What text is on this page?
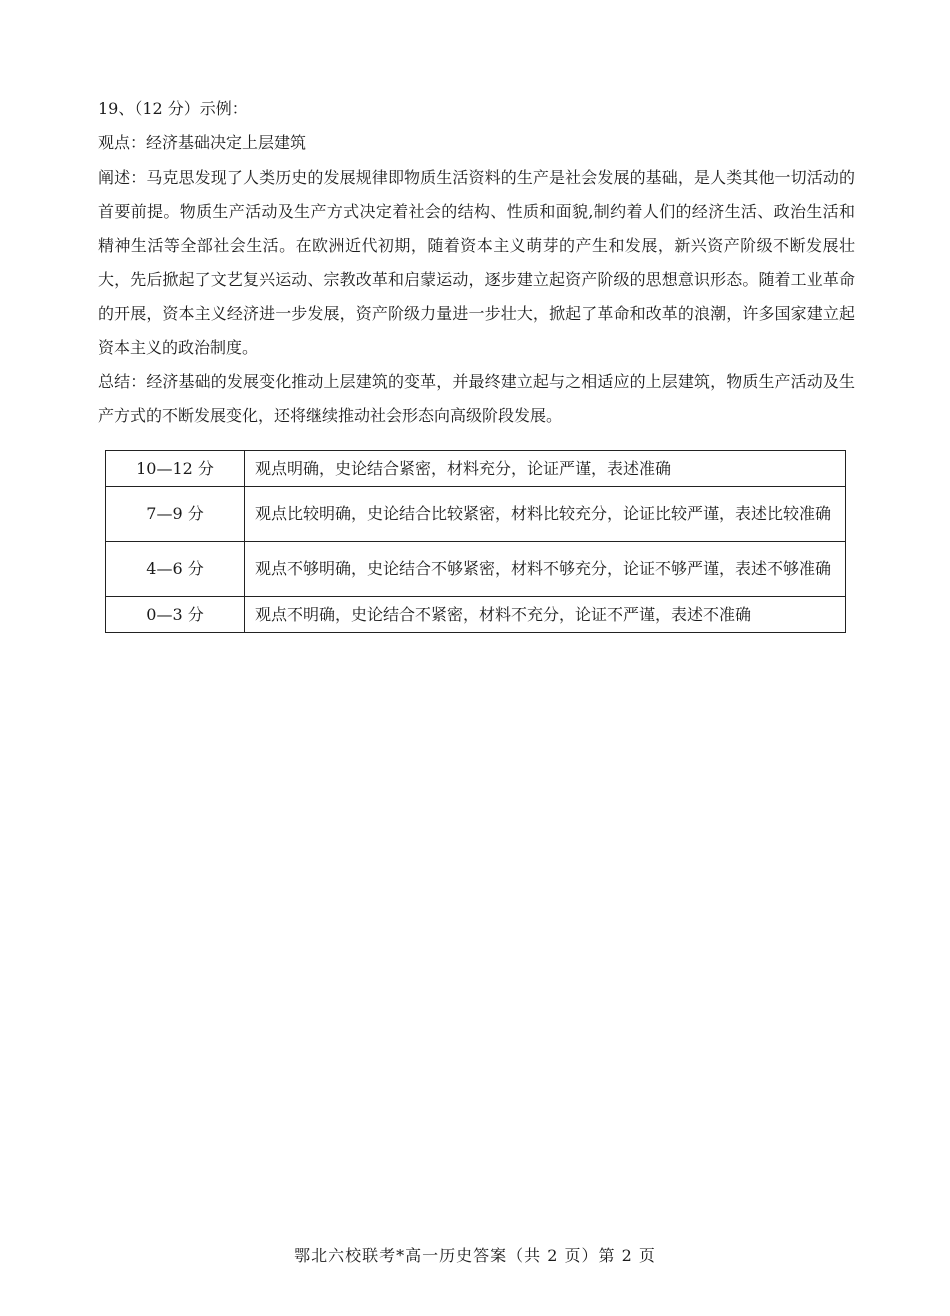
19、（12 分）示例：
观点：经济基础决定上层建筑

阐述：马克思发现了人类历史的发展规律即物质生活资料的生产是社会发展的基础，是人类其他一切活动的首要前提。物质生产活动及生产方式决定着社会的结构、性质和面貌,制约着人们的经济生活、政治生活和精神生活等全部社会生活。在欧洲近代初期，随着资本主义萌芽的产生和发展，新兴资产阶级不断发展壮大，先后掀起了文艺复兴运动、宗教改革和启蒙运动，逐步建立起资产阶级的思想意识形态。随着工业革命的开展，资本主义经济进一步发展，资产阶级力量进一步壮大，掀起了革命和改革的浪潮，许多国家建立起资本主义的政治制度。

总结：经济基础的发展变化推动上层建筑的变革，并最终建立起与之相适应的上层建筑，物质生产活动及生产方式的不断发展变化，还将继续推动社会形态向高级阶段发展。

10—12 分	观点明确，史论结合紧密，材料充分，论证严谨，表述准确
7—9 分	观点比较明确，史论结合比较紧密，材料比较充分，论证比较严谨，表述比较准确
4—6 分	观点不够明确，史论结合不够紧密，材料不够充分，论证不够严谨，表述不够准确
0—3 分	观点不明确，史论结合不紧密，材料不充分，论证不严谨，表述不准确
鄂北六校联考*高一历史答案（共 2 页）第 2 页
